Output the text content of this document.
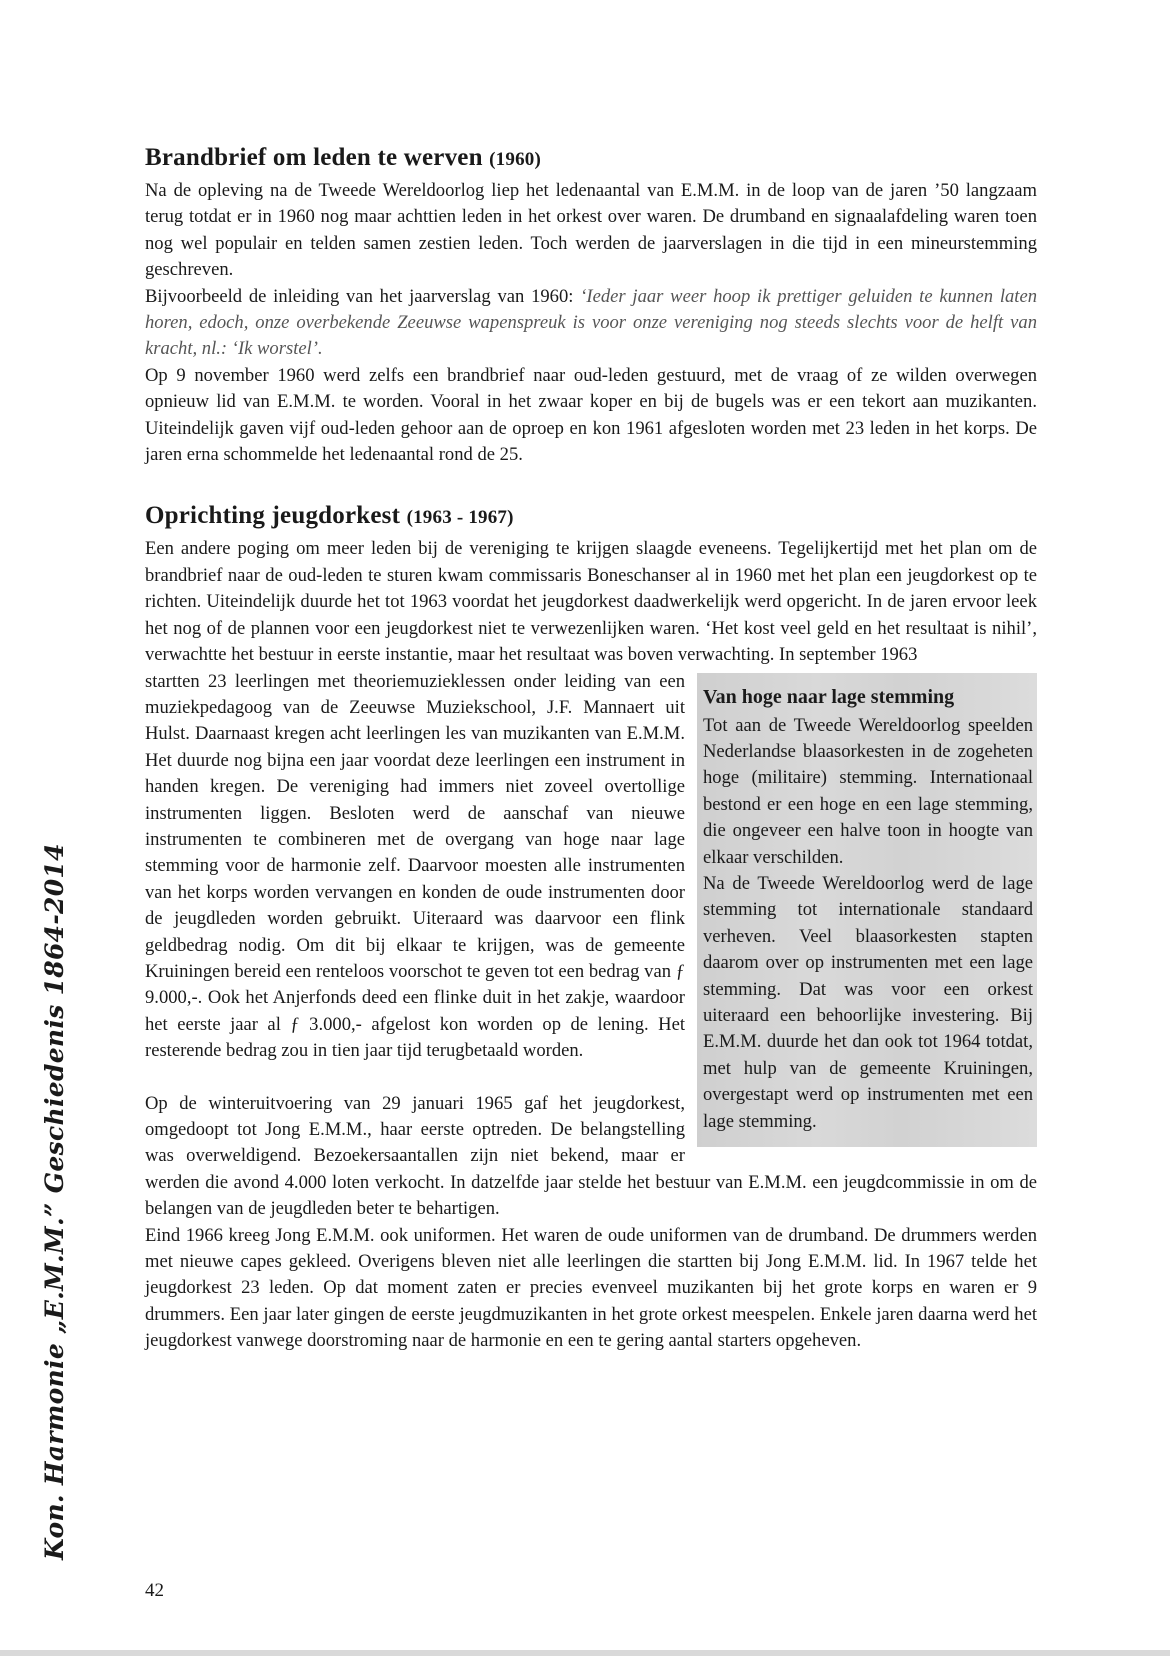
Brandbrief om leden te werven (1960)

Na de opleving na de Tweede Wereldoorlog liep het ledenaantal van E.M.M. in de loop van de jaren ’50 langzaam terug totdat er in 1960 nog maar achttien leden in het orkest over waren. De drumband en signaalafdeling waren toen nog wel populair en telden samen zestien leden. Toch werden de jaarverslagen in die tijd in een mineurstemming geschreven.

Bijvoorbeeld de inleiding van het jaarverslag van 1960: ‘Ieder jaar weer hoop ik prettiger geluiden te kunnen laten horen, edoch, onze overbekende Zeeuwse wapenspreuk is voor onze vereniging nog steeds slechts voor de helft van kracht, nl.: ‘Ik worstel’.

Op 9 november 1960 werd zelfs een brandbrief naar oud-leden gestuurd, met de vraag of ze wilden overwegen opnieuw lid van E.M.M. te worden. Vooral in het zwaar koper en bij de bugels was er een tekort aan muzikanten. Uiteindelijk gaven vijf oud-leden gehoor aan de oproep en kon 1961 afgesloten worden met 23 leden in het korps. De jaren erna schommelde het ledenaantal rond de 25.

Oprichting jeugdorkest (1963 - 1967)

Een andere poging om meer leden bij de vereniging te krijgen slaagde eveneens. Tegelijkertijd met het plan om de brandbrief naar de oud-leden te sturen kwam commissaris Boneschanser al in 1960 met het plan een jeugdorkest op te richten. Uiteindelijk duurde het tot 1963 voordat het jeugdorkest daadwerkelijk werd opgericht. In de jaren ervoor leek het nog of de plannen voor een jeugdorkest niet te verwezenlijken waren. ‘Het kost veel geld en het resultaat is nihil’, verwachtte het bestuur in eerste instantie, maar het resultaat was boven verwachting. In september 1963

Van hoge naar lage stemming

Tot aan de Tweede Wereldoorlog speelden Nederlandse blaasorkesten in de zogeheten hoge (militaire) stemming. Internationaal bestond er een hoge en een lage stemming, die ongeveer een halve toon in hoogte van elkaar verschilden.

Na de Tweede Wereldoorlog werd de lage stemming tot internationale standaard verheven. Veel blaasorkesten stapten daarom over op instrumenten met een lage stemming. Dat was voor een orkest uiteraard een behoorlijke investering. Bij E.M.M. duurde het dan ook tot 1964 totdat, met hulp van de gemeente Kruiningen, overgestapt werd op instrumenten met een lage stemming.

startten 23 leerlingen met theoriemuzieklessen onder leiding van een muziekpedagoog van de Zeeuwse Muziekschool, J.F. Mannaert uit Hulst. Daarnaast kregen acht leerlingen les van muzikanten van E.M.M. Het duurde nog bijna een jaar voordat deze leerlingen een instrument in handen kregen. De vereniging had immers niet zoveel overtollige instrumenten liggen. Besloten werd de aanschaf van nieuwe instrumenten te combineren met de overgang van hoge naar lage stemming voor de harmonie zelf. Daarvoor moesten alle instrumenten van het korps worden vervangen en konden de oude instrumenten door de jeugdleden worden gebruikt. Uiteraard was daarvoor een flink geldbedrag nodig. Om dit bij elkaar te krijgen, was de gemeente Kruiningen bereid een renteloos voorschot te geven tot een bedrag van ƒ 9.000,-. Ook het Anjerfonds deed een flinke duit in het zakje, waardoor het eerste jaar al ƒ 3.000,- afgelost kon worden op de lening. Het resterende bedrag zou in tien jaar tijd terugbetaald worden.

Op de winteruitvoering van 29 januari 1965 gaf het jeugdorkest, omgedoopt tot Jong E.M.M., haar eerste optreden. De belangstelling was overweldigend. Bezoekersaantallen zijn niet bekend, maar er werden die avond 4.000 loten verkocht. In datzelfde jaar stelde het bestuur van E.M.M. een jeugdcommissie in om de belangen van de jeugdleden beter te behartigen.

Eind 1966 kreeg Jong E.M.M. ook uniformen. Het waren de oude uniformen van de drumband. De drummers werden met nieuwe capes gekleed. Overigens bleven niet alle leerlingen die startten bij Jong E.M.M. lid. In 1967 telde het jeugdorkest 23 leden. Op dat moment zaten er precies evenveel muzikanten bij het grote korps en waren er 9 drummers. Een jaar later gingen de eerste jeugdmuzikanten in het grote orkest meespelen. Enkele jaren daarna werd het jeugdorkest vanwege doorstroming naar de harmonie en een te gering aantal starters opgeheven.

Kon. Harmonie „E.M.M.” Geschiedenis 1864-2014
42
